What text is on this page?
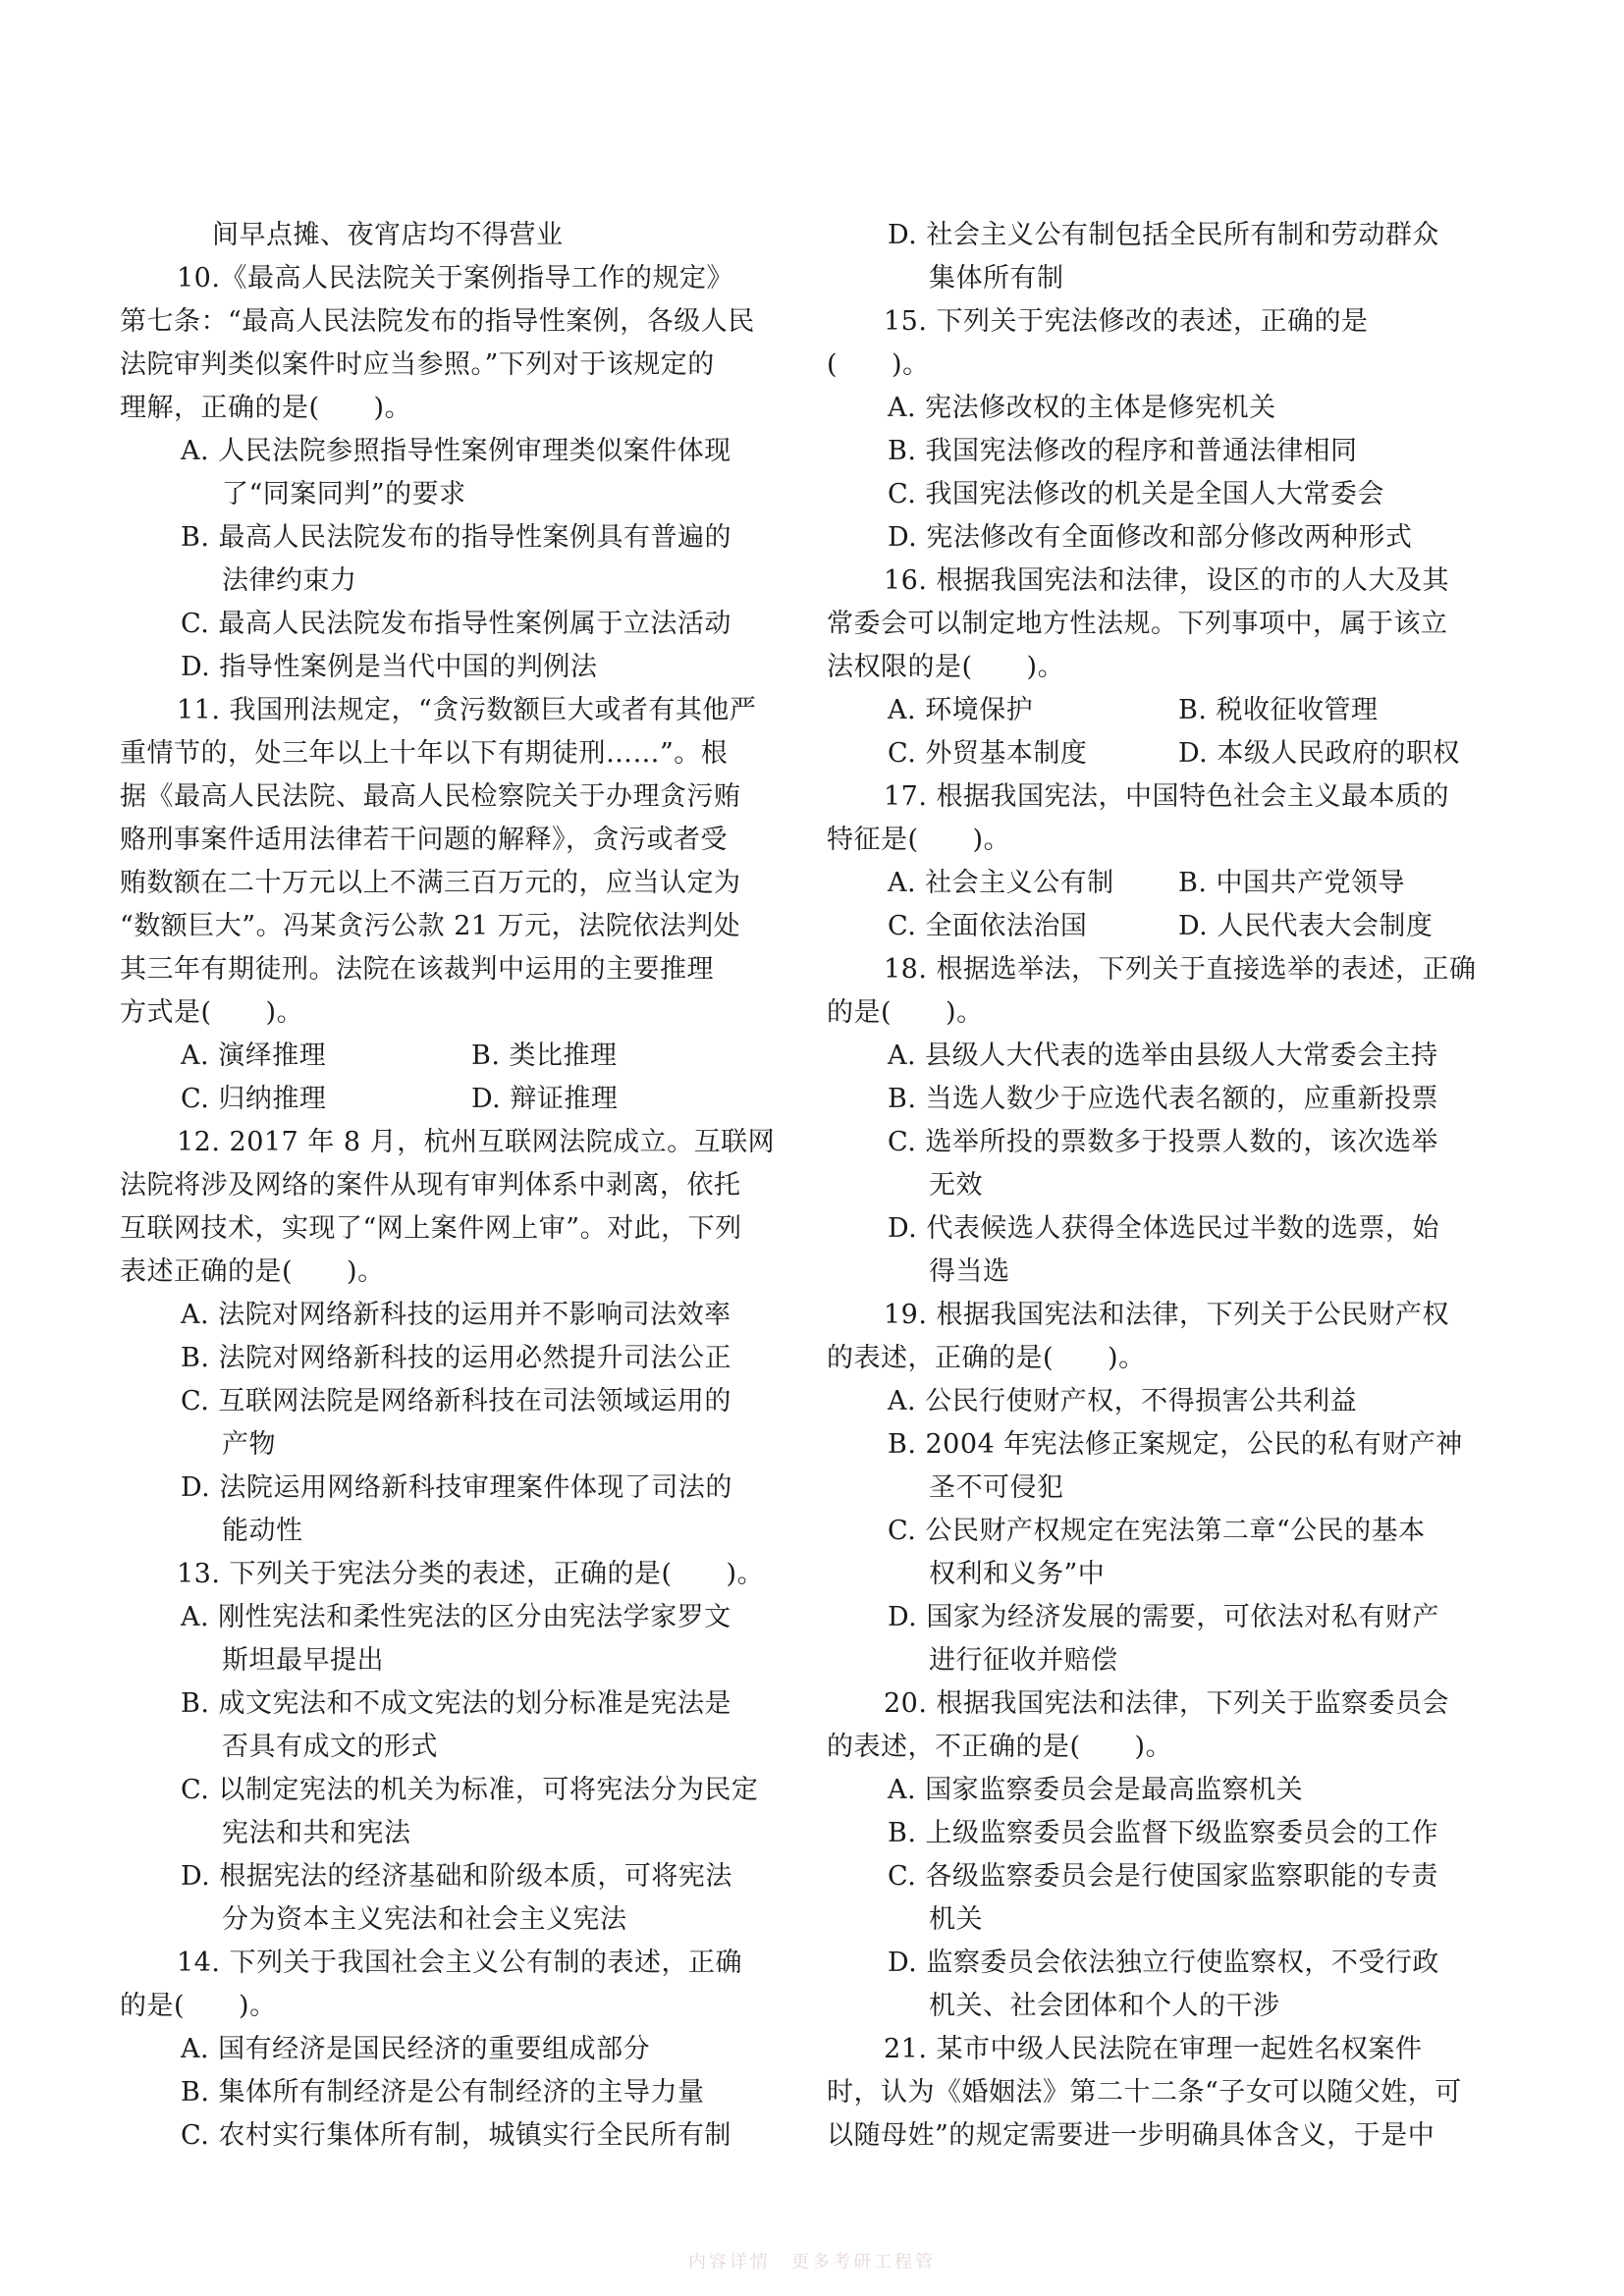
间早点摊、夜宵店均不得营业
10.《最高人民法院关于案例指导工作的规定》
第七条：“最高人民法院发布的指导性案例，各级人民
法院审判类似案件时应当参照。”下列对于该规定的
理解，正确的是(　　)。
A. 人民法院参照指导性案例审理类似案件体现
了“同案同判”的要求
B. 最高人民法院发布的指导性案例具有普遍的
法律约束力
C. 最高人民法院发布指导性案例属于立法活动
D. 指导性案例是当代中国的判例法
11. 我国刑法规定，“贪污数额巨大或者有其他严
重情节的，处三年以上十年以下有期徒刑……”。根
据《最高人民法院、最高人民检察院关于办理贪污贿
赂刑事案件适用法律若干问题的解释》，贪污或者受
贿数额在二十万元以上不满三百万元的，应当认定为
“数额巨大”。冯某贪污公款 21 万元，法院依法判处
其三年有期徒刑。法院在该裁判中运用的主要推理
方式是(　　)。
A. 演绎推理	B. 类比推理
C. 归纳推理	D. 辩证推理
12. 2017 年 8 月，杭州互联网法院成立。互联网
法院将涉及网络的案件从现有审判体系中剥离，依托
互联网技术，实现了“网上案件网上审”。对此，下列
表述正确的是(　　)。
A. 法院对网络新科技的运用并不影响司法效率
B. 法院对网络新科技的运用必然提升司法公正
C. 互联网法院是网络新科技在司法领域运用的
产物
D. 法院运用网络新科技审理案件体现了司法的
能动性
13. 下列关于宪法分类的表述，正确的是(　　)。
A. 刚性宪法和柔性宪法的区分由宪法学家罗文
斯坦最早提出
B. 成文宪法和不成文宪法的划分标准是宪法是
否具有成文的形式
C. 以制定宪法的机关为标准，可将宪法分为民定
宪法和共和宪法
D. 根据宪法的经济基础和阶级本质，可将宪法
分为资本主义宪法和社会主义宪法
14. 下列关于我国社会主义公有制的表述，正确
的是(　　)。
A. 国有经济是国民经济的重要组成部分
B. 集体所有制经济是公有制经济的主导力量
C. 农村实行集体所有制，城镇实行全民所有制
D. 社会主义公有制包括全民所有制和劳动群众
集体所有制
15. 下列关于宪法修改的表述，正确的是
(　　)。
A. 宪法修改权的主体是修宪机关
B. 我国宪法修改的程序和普通法律相同
C. 我国宪法修改的机关是全国人大常委会
D. 宪法修改有全面修改和部分修改两种形式
16. 根据我国宪法和法律，设区的市的人大及其
常委会可以制定地方性法规。下列事项中，属于该立
法权限的是(　　)。
A. 环境保护	B. 税收征收管理
C. 外贸基本制度	D. 本级人民政府的职权
17. 根据我国宪法，中国特色社会主义最本质的
特征是(　　)。
A. 社会主义公有制	B. 中国共产党领导
C. 全面依法治国	D. 人民代表大会制度
18. 根据选举法，下列关于直接选举的表述，正确
的是(　　)。
A. 县级人大代表的选举由县级人大常委会主持
B. 当选人数少于应选代表名额的，应重新投票
C. 选举所投的票数多于投票人数的，该次选举
无效
D. 代表候选人获得全体选民过半数的选票，始
得当选
19. 根据我国宪法和法律，下列关于公民财产权
的表述，正确的是(　　)。
A. 公民行使财产权，不得损害公共利益
B. 2004 年宪法修正案规定，公民的私有财产神
圣不可侵犯
C. 公民财产权规定在宪法第二章“公民的基本
权利和义务”中
D. 国家为经济发展的需要，可依法对私有财产
进行征收并赔偿
20. 根据我国宪法和法律，下列关于监察委员会
的表述，不正确的是(　　)。
A. 国家监察委员会是最高监察机关
B. 上级监察委员会监督下级监察委员会的工作
C. 各级监察委员会是行使国家监察职能的专责
机关
D. 监察委员会依法独立行使监察权，不受行政
机关、社会团体和个人的干涉
21. 某市中级人民法院在审理一起姓名权案件
时，认为《婚姻法》第二十二条“子女可以随父姓，可
以随母姓”的规定需要进一步明确具体含义，于是中
内容详情　更多考研工程管
